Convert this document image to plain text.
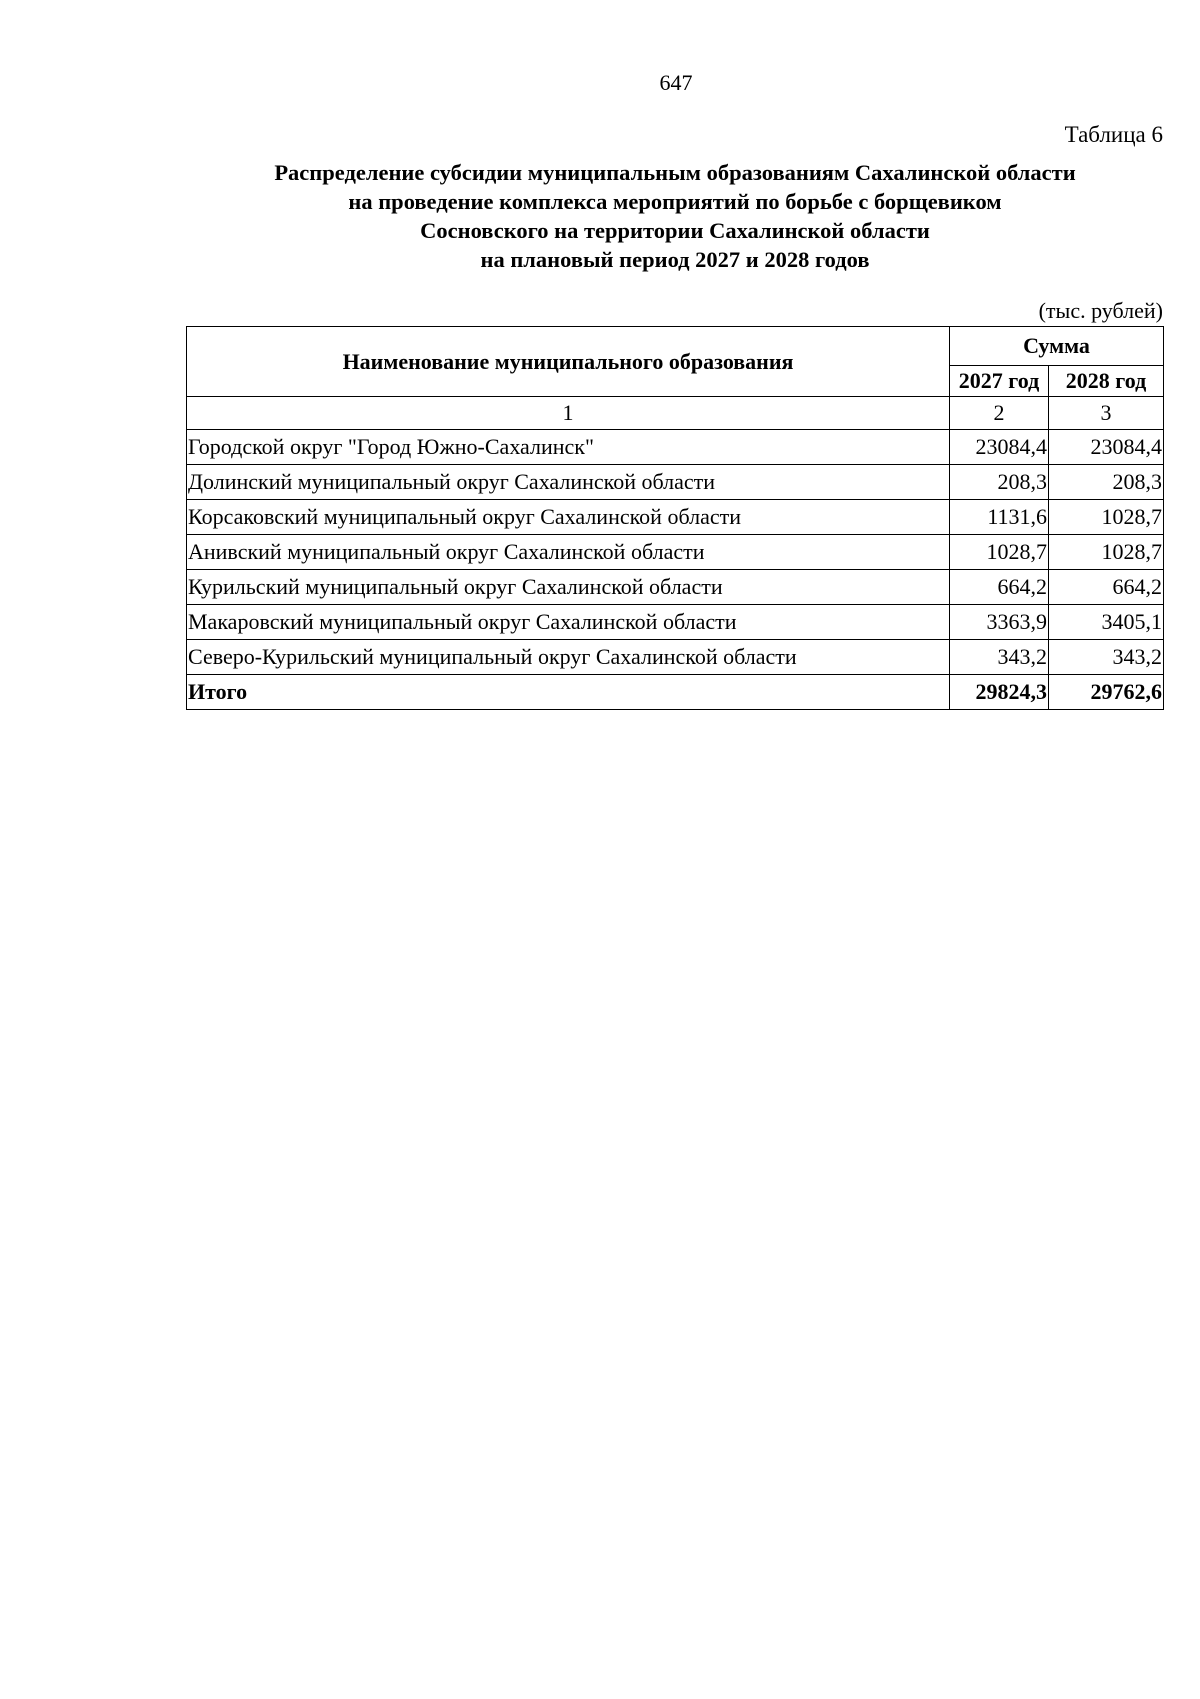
647
Таблица 6
Распределение субсидии муниципальным образованиям Сахалинской области
на проведение комплекса мероприятий по борьбе с борщевиком
Сосновского на территории Сахалинской области
на плановый период 2027 и 2028 годов
(тыс. рублей)
Наименование муниципального образования	Сумма	
	2027 год	2028 год
1	2	3
Городской округ "Город Южно-Сахалинск"	23084,4	23084,4
Долинский муниципальный округ Сахалинской области	208,3	208,3
Корсаковский муниципальный округ Сахалинской области	1131,6	1028,7
Анивский муниципальный округ Сахалинской области	1028,7	1028,7
Курильский муниципальный округ Сахалинской области	664,2	664,2
Макаровский муниципальный округ Сахалинской области	3363,9	3405,1
Северо-Курильский муниципальный округ Сахалинской области	343,2	343,2
Итого	29824,3	29762,6
